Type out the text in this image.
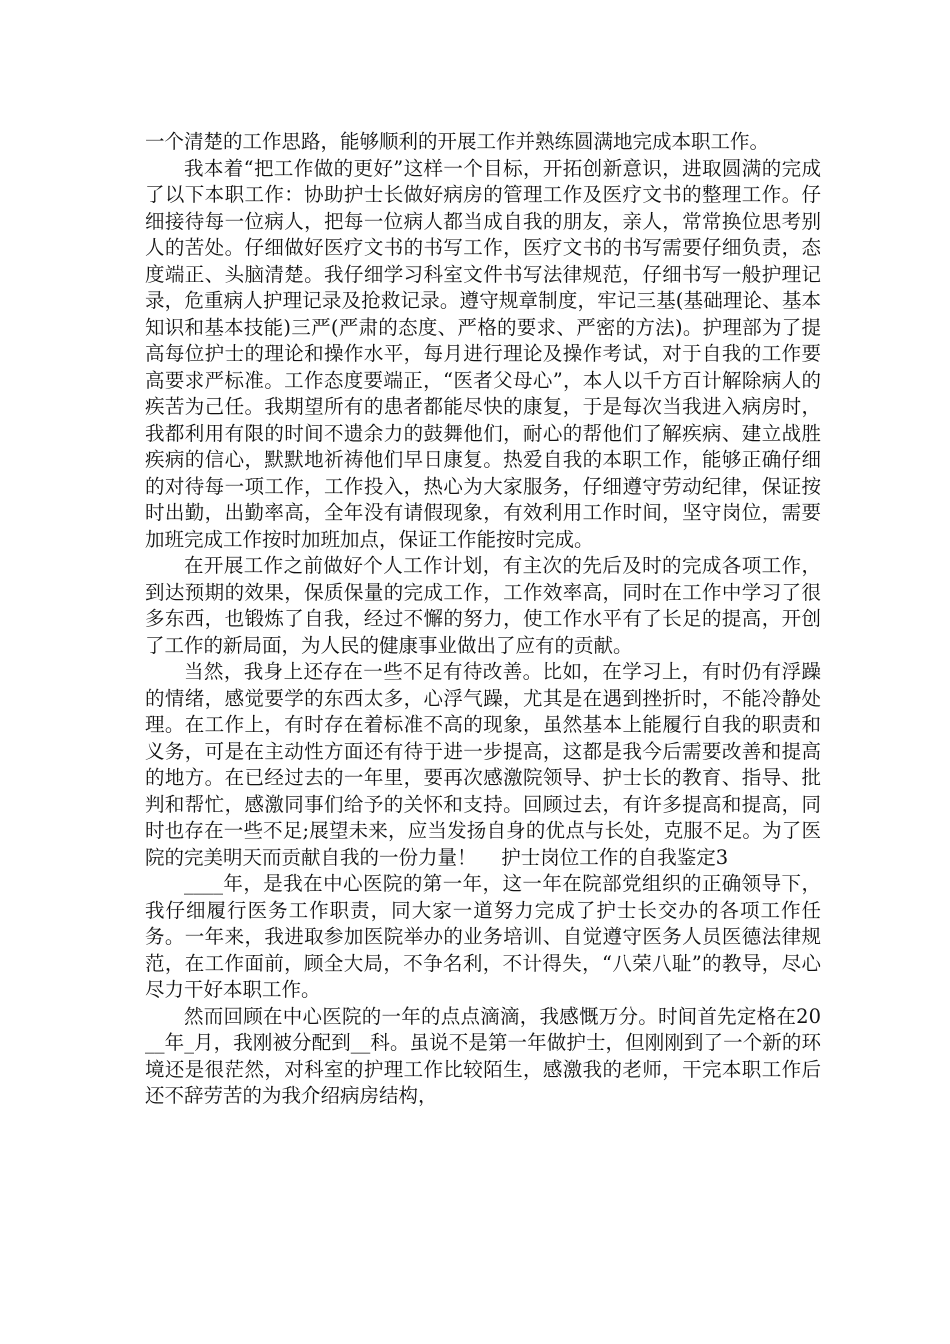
一个清楚的工作思路，能够顺利的开展工作并熟练圆满地完成本职工作。

我本着“把工作做的更好”这样一个目标，开拓创新意识，进取圆满的完成了以下本职工作：协助护士长做好病房的管理工作及医疗文书的整理工作。仔细接待每一位病人，把每一位病人都当成自我的朋友，亲人，常常换位思考别人的苦处。仔细做好医疗文书的书写工作，医疗文书的书写需要仔细负责，态度端正、头脑清楚。我仔细学习科室文件书写法律规范，仔细书写一般护理记录，危重病人护理记录及抢救记录。遵守规章制度，牢记三基(基础理论、基本知识和基本技能)三严(严肃的态度、严格的要求、严密的方法)。护理部为了提高每位护士的理论和操作水平，每月进行理论及操作考试，对于自我的工作要高要求严标准。工作态度要端正，“医者父母心”，本人以千方百计解除病人的疾苦为己任。我期望所有的患者都能尽快的康复，于是每次当我进入病房时，我都利用有限的时间不遗余力的鼓舞他们，耐心的帮他们了解疾病、建立战胜疾病的信心，默默地祈祷他们早日康复。热爱自我的本职工作，能够正确仔细的对待每一项工作，工作投入，热心为大家服务，仔细遵守劳动纪律，保证按时出勤，出勤率高，全年没有请假现象，有效利用工作时间，坚守岗位，需要加班完成工作按时加班加点，保证工作能按时完成。

在开展工作之前做好个人工作计划，有主次的先后及时的完成各项工作，到达预期的效果，保质保量的完成工作，工作效率高，同时在工作中学习了很多东西，也锻炼了自我，经过不懈的努力，使工作水平有了长足的提高，开创了工作的新局面，为人民的健康事业做出了应有的贡献。

当然，我身上还存在一些不足有待改善。比如，在学习上，有时仍有浮躁的情绪，感觉要学的东西太多，心浮气躁，尤其是在遇到挫折时，不能冷静处理。在工作上，有时存在着标准不高的现象，虽然基本上能履行自我的职责和义务，可是在主动性方面还有待于进一步提高，这都是我今后需要改善和提高的地方。在已经过去的一年里，要再次感激院领导、护士长的教育、指导、批判和帮忙，感激同事们给予的关怀和支持。回顾过去，有许多提高和提高，同时也存在一些不足;展望未来，应当发扬自身的优点与长处，克服不足。为了医院的完美明天而贡献自我的一份力量！    护士岗位工作的自我鉴定3

____年，是我在中心医院的第一年，这一年在院部党组织的正确领导下，我仔细履行医务工作职责，同大家一道努力完成了护士长交办的各项工作任务。一年来，我进取参加医院举办的业务培训、自觉遵守医务人员医德法律规范，在工作面前，顾全大局，不争名利，不计得失，“八荣八耻”的教导，尽心尽力干好本职工作。

然而回顾在中心医院的一年的点点滴滴，我感慨万分。时间首先定格在20__年_月，我刚被分配到__科。虽说不是第一年做护士，但刚刚到了一个新的环境还是很茫然，对科室的护理工作比较陌生，感激我的老师，干完本职工作后还不辞劳苦的为我介绍病房结构，
